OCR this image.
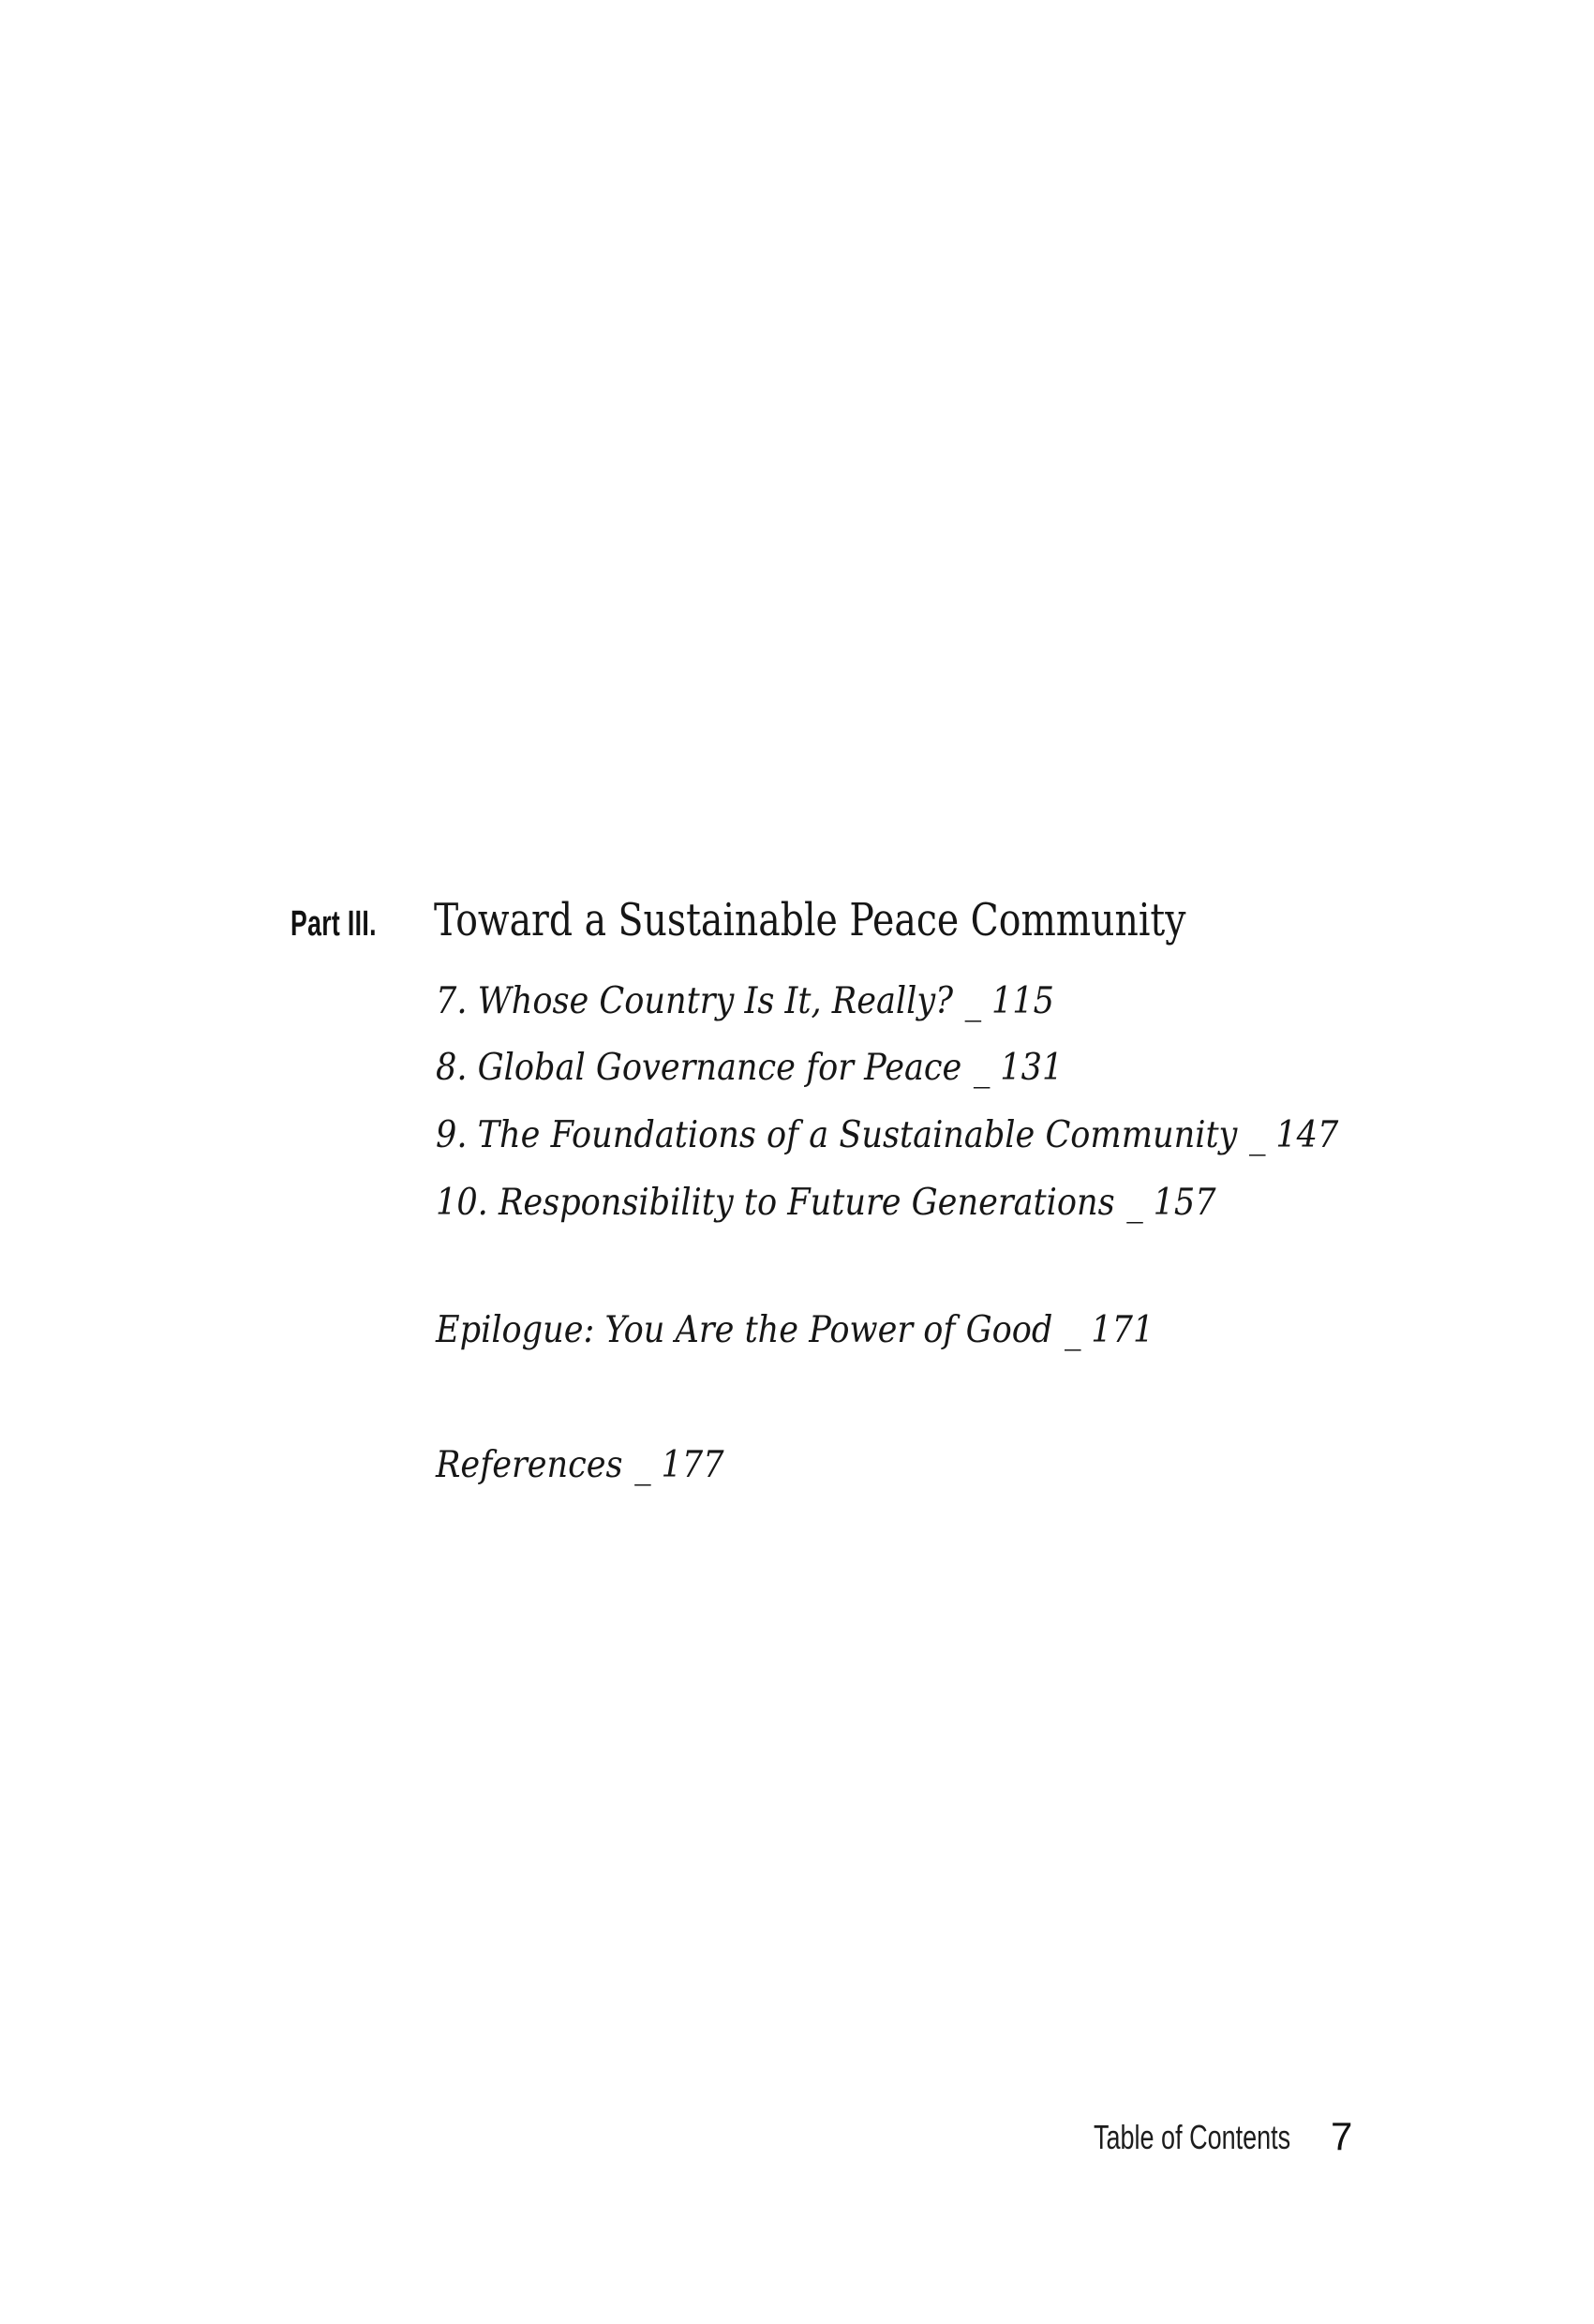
Part III. Toward a Sustainable Peace Community
7. Whose Country Is It, Really? _ 115
8. Global Governance for Peace _ 131
9. The Foundations of a Sustainable Community _ 147
10. Responsibility to Future Generations _ 157
Epilogue: You Are the Power of Good _ 171
References _ 177
Table of Contents 7
